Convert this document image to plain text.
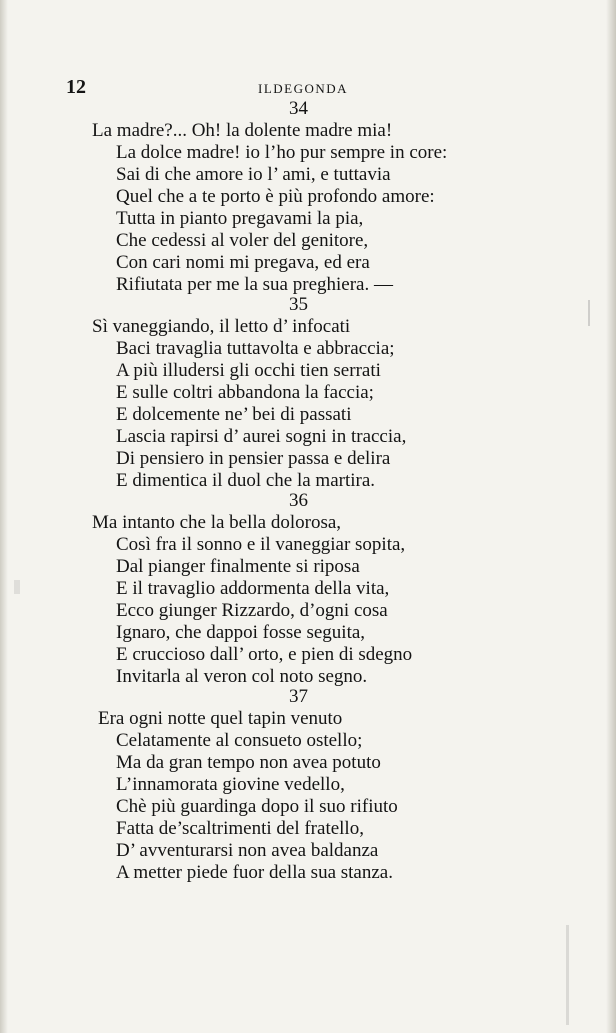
12	ILDEGONDA
34
La madre?... Oh! la dolente madre mia!
La dolce madre! io l’ho pur sempre in core:
Sai di che amore io l’ ami, e tuttavia
Quel che a te porto è più profondo amore:
Tutta in pianto pregavami la pia,
Che cedessi al voler del genitore,
Con cari nomi mi pregava, ed era
Rifiutata per me la sua preghiera. —
35
Sì vaneggiando, il letto d’ infocati
Baci travaglia tuttavolta e abbraccia;
A più illudersi gli occhi tien serrati
E sulle coltri abbandona la faccia;
E dolcemente ne’ bei di passati
Lascia rapirsi d’ aurei sogni in traccia,
Di pensiero in pensier passa e delira
E dimentica il duol che la martira.
36
Ma intanto che la bella dolorosa,
Così fra il sonno e il vaneggiar sopita,
Dal pianger finalmente si riposa
E il travaglio addormenta della vita,
Ecco giunger Rizzardo, d’ogni cosa
Ignaro, che dappoi fosse seguita,
E cruccioso dall’ orto, e pien di sdegno
Invitarla al veron col noto segno.
37
Era ogni notte quel tapin venuto
Celatamente al consueto ostello;
Ma da gran tempo non avea potuto
L’innamorata giovine vedello,
Chè più guardinga dopo il suo rifiuto
Fatta de’scaltrimenti del fratello,
D’ avventurarsi non avea baldanza
A metter piede fuor della sua stanza.
